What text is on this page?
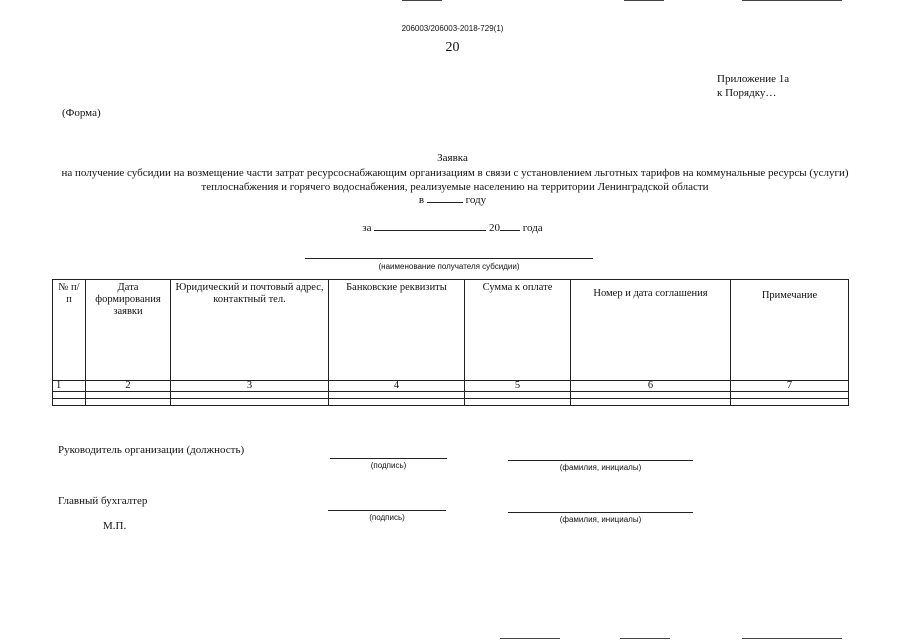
206003/206003-2018-729(1)
20
Приложение 1а
к Порядку…
(Форма)
Заявка
на получение субсидии на возмещение части затрат ресурсоснабжающим организациям в связи с установлением льготных тарифов на коммунальные ресурсы (услуги) теплоснабжения и горячего водоснабжения, реализуемые населению на территории Ленинградской области
в	году
за	20 года
(наименование получателя субсидии)
№ п/п	Дата формирования заявки	Юридический и почтовый адрес, контактный тел.	Банковские реквизиты	Сумма к оплате	Номер и дата соглашения	Примечание
1	2	3	4	5	6	7

Руководитель организации (должность)
(подпись)	(фамилия, инициалы)
Главный бухгалтер
(подпись)	(фамилия, инициалы)
М.П.
